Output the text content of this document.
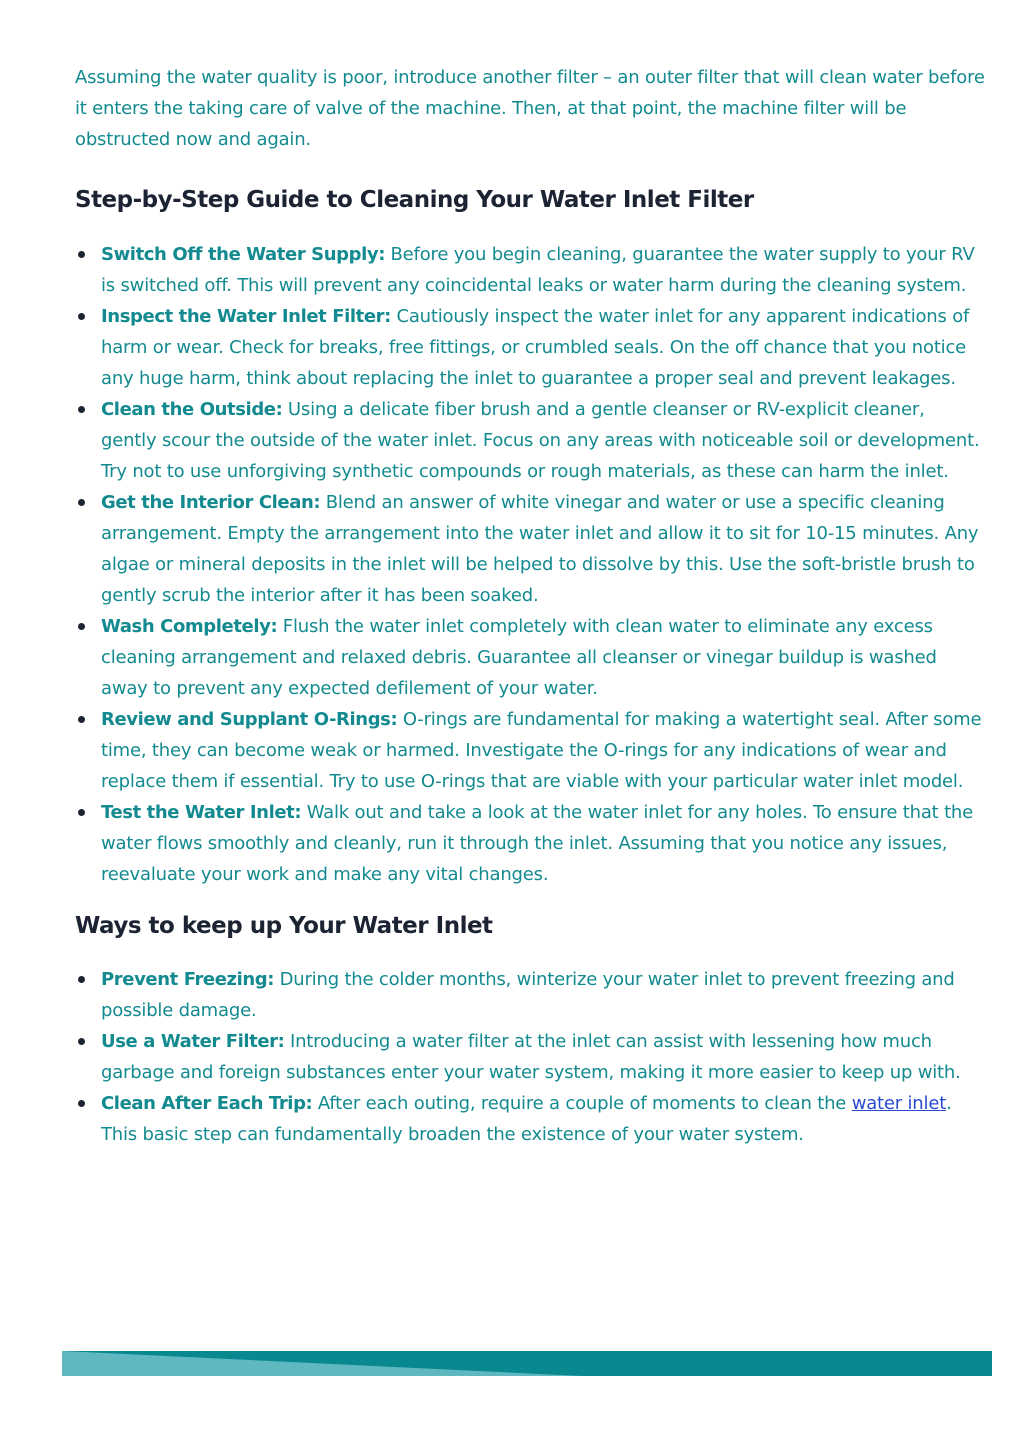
Assuming the water quality is poor, introduce another filter – an outer filter that will clean water before it enters the taking care of valve of the machine. Then, at that point, the machine filter will be obstructed now and again.

Step-by-Step Guide to Cleaning Your Water Inlet Filter
Switch Off the Water Supply: Before you begin cleaning, guarantee the water supply to your RV is switched off. This will prevent any coincidental leaks or water harm during the cleaning system.
Inspect the Water Inlet Filter: Cautiously inspect the water inlet for any apparent indications of harm or wear. Check for breaks, free fittings, or crumbled seals. On the off chance that you notice any huge harm, think about replacing the inlet to guarantee a proper seal and prevent leakages.
Clean the Outside: Using a delicate fiber brush and a gentle cleanser or RV-explicit cleaner, gently scour the outside of the water inlet. Focus on any areas with noticeable soil or development. Try not to use unforgiving synthetic compounds or rough materials, as these can harm the inlet.
Get the Interior Clean: Blend an answer of white vinegar and water or use a specific cleaning arrangement. Empty the arrangement into the water inlet and allow it to sit for 10-15 minutes. Any algae or mineral deposits in the inlet will be helped to dissolve by this. Use the soft-bristle brush to gently scrub the interior after it has been soaked.
Wash Completely: Flush the water inlet completely with clean water to eliminate any excess cleaning arrangement and relaxed debris. Guarantee all cleanser or vinegar buildup is washed away to prevent any expected defilement of your water.
Review and Supplant O-Rings: O-rings are fundamental for making a watertight seal. After some time, they can become weak or harmed. Investigate the O-rings for any indications of wear and replace them if essential. Try to use O-rings that are viable with your particular water inlet model.
Test the Water Inlet: Walk out and take a look at the water inlet for any holes. To ensure that the water flows smoothly and cleanly, run it through the inlet. Assuming that you notice any issues, reevaluate your work and make any vital changes.
Ways to keep up Your Water Inlet
Prevent Freezing: During the colder months, winterize your water inlet to prevent freezing and possible damage.
Use a Water Filter: Introducing a water filter at the inlet can assist with lessening how much garbage and foreign substances enter your water system, making it more easier to keep up with.
Clean After Each Trip: After each outing, require a couple of moments to clean the water inlet. This basic step can fundamentally broaden the existence of your water system.
